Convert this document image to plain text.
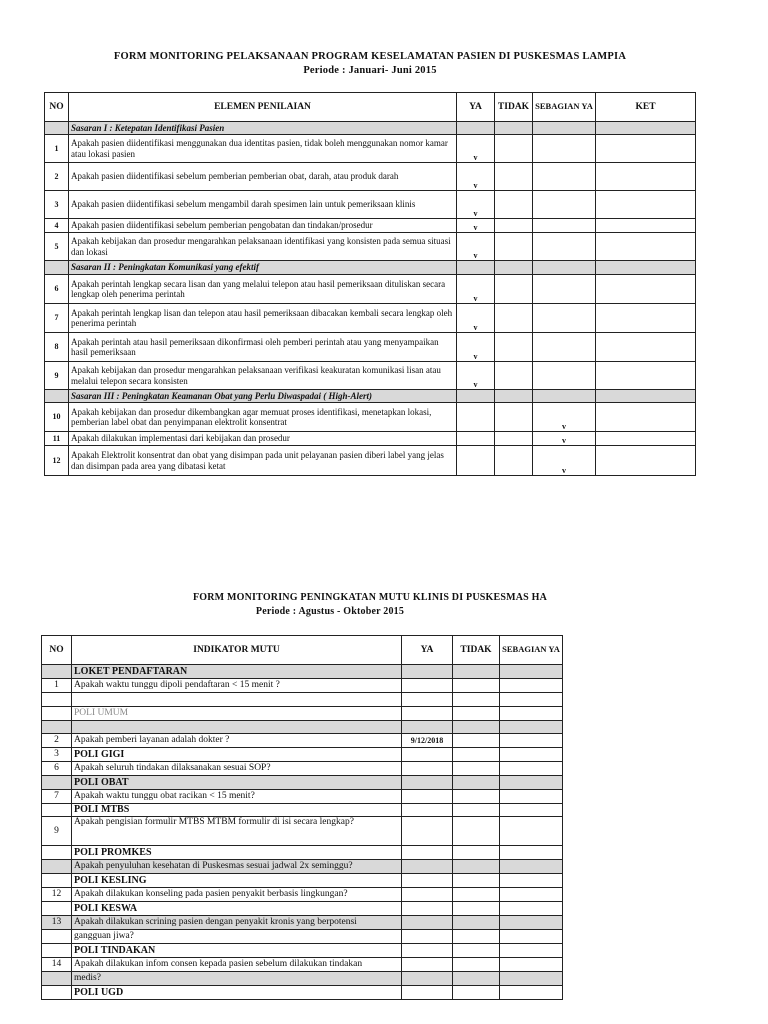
FORM MONITORING PELAKSANAAN PROGRAM KESELAMATAN PASIEN DI PUSKESMAS LAMPIA
Periode : Januari- Juni 2015
NO	ELEMEN PENILAIAN	YA	TIDAK	SEBAGIAN YA	KET
	Sasaran I : Ketepatan Identifikasi Pasien				
1	Apakah pasien diidentifikasi menggunakan dua identitas pasien, tidak boleh menggunakan nomor kamar atau lokasi pasien	v			
2	Apakah pasien diidentifikasi sebelum pemberian pemberian obat, darah, atau produk darah	v			
3	Apakah pasien diidentifikasi sebelum mengambil darah spesimen lain untuk pemeriksaan klinis	v			
4	Apakah pasien diidentifikasi sebelum pemberian pengobatan dan tindakan/prosedur	v			
5	Apakah kebijakan dan prosedur mengarahkan pelaksanaan identifikasi yang konsisten pada semua situasi dan lokasi	v			
	Sasaran II : Peningkatan Komunikasi yang efektif				
6	Apakah perintah lengkap secara lisan dan yang melalui telepon atau hasil pemeriksaan dituliskan secara lengkap oleh penerima perintah	v			
7	Apakah perintah lengkap lisan dan telepon atau hasil pemeriksaan dibacakan kembali secara lengkap oleh penerima perintah	v			
8	Apakah perintah atau hasil pemeriksaan dikonfirmasi oleh pemberi perintah atau yang menyampaikan hasil pemeriksaan	v			
9	Apakah kebijakan dan prosedur mengarahkan pelaksanaan verifikasi keakuratan komunikasi lisan atau melalui telepon secara konsisten	v			
	Sasaran III : Peningkatan Keamanan Obat yang Perlu Diwaspadai ( High-Alert)				
10	Apakah kebijakan dan prosedur dikembangkan agar memuat proses identifikasi, menetapkan lokasi, pemberian label obat dan penyimpanan elektrolit konsentrat			v	
11	Apakah dilakukan implementasi dari kebijakan dan prosedur			v	
12	Apakah Elektrolit konsentrat dan obat yang disimpan pada unit pelayanan pasien diberi label yang jelas dan disimpan pada area yang dibatasi ketat			v	
FORM MONITORING PENINGKATAN MUTU KLINIS DI PUSKESMAS HA
Periode : Agustus - Oktober 2015
NO	INDIKATOR MUTU	YA	TIDAK	SEBAGIAN YA
	LOKET PENDAFTARAN			
1	Apakah waktu tunggu dipoli pendaftaran < 15 menit ?			

	POLI UMUM			

2	Apakah pemberi layanan adalah dokter ?	9/12/2018		
3	POLI GIGI			
6	Apakah seluruh tindakan dilaksanakan sesuai SOP?			
	POLI OBAT			
7	Apakah waktu tunggu obat racikan < 15 menit?			
	POLI MTBS			
9	Apakah pengisian formulir MTBS MTBM formulir di isi secara lengkap?			
	POLI PROMKES			
	Apakah penyuluhan kesehatan di Puskesmas sesuai jadwal 2x seminggu?			
	POLI KESLING			
12	Apakah dilakukan konseling pada pasien penyakit berbasis lingkungan?			
	POLI KESWA			
13	Apakah dilakukan scrining pasien dengan penyakit kronis yang berpotensi			
	gangguan jiwa?			
	POLI TINDAKAN			
14	Apakah dilakukan infom consen kepada pasien sebelum dilakukan tindakan			
	medis?			
	POLI UGD			
